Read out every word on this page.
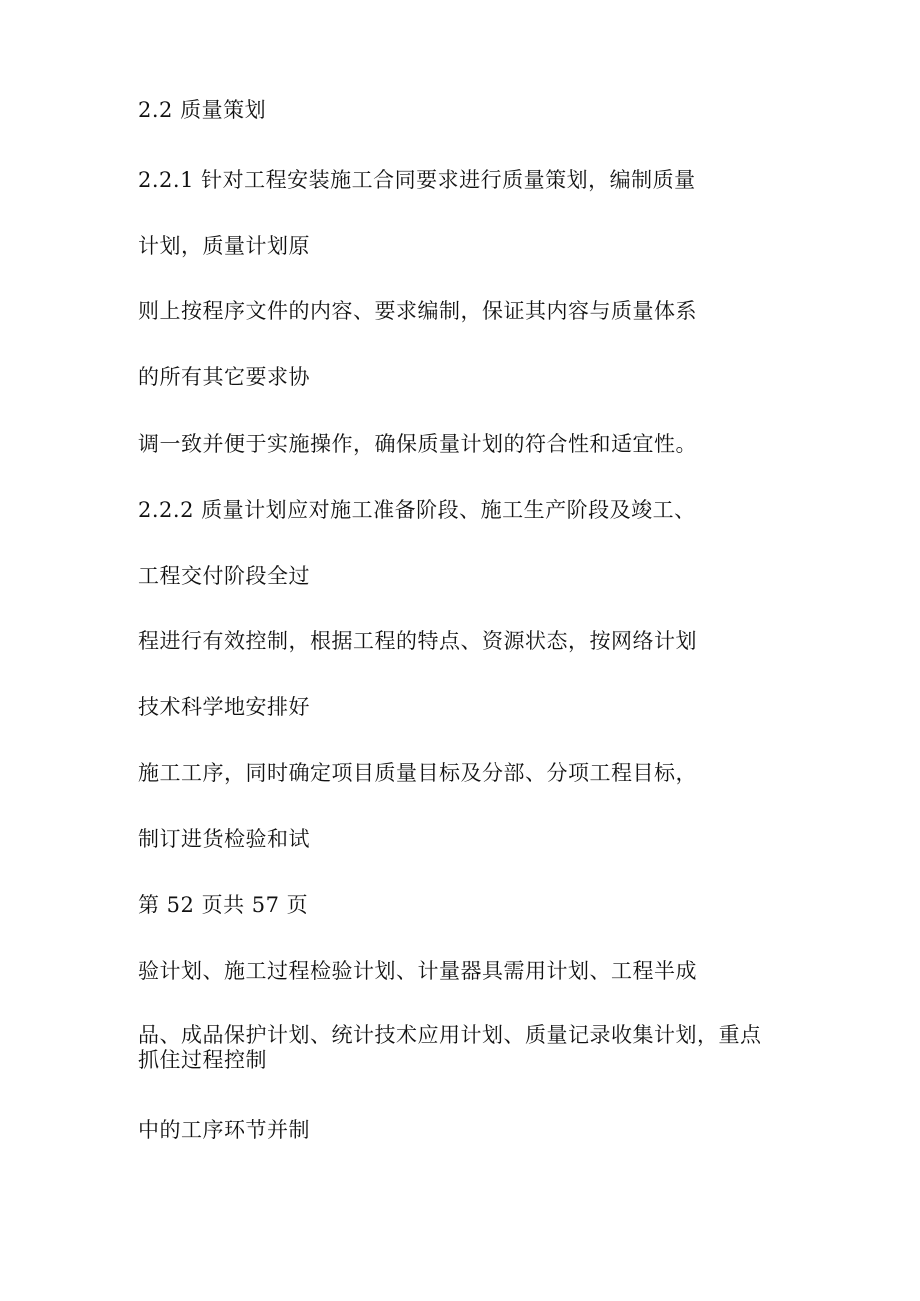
2.2 质量策划
2.2.1 针对工程安装施工合同要求进行质量策划，编制质量
计划，质量计划原
则上按程序文件的内容、要求编制，保证其内容与质量体系
的所有其它要求协
调一致并便于实施操作，确保质量计划的符合性和适宜性。
2.2.2 质量计划应对施工准备阶段、施工生产阶段及竣工、
工程交付阶段全过
程进行有效控制，根据工程的特点、资源状态，按网络计划
技术科学地安排好
施工工序，同时确定项目质量目标及分部、分项工程目标，
制订进货检验和试
第 52 页共 57 页
验计划、施工过程检验计划、计量器具需用计划、工程半成
品、成品保护计划、统计技术应用计划、质量记录收集计划，重点抓住过程控制
中的工序环节并制
